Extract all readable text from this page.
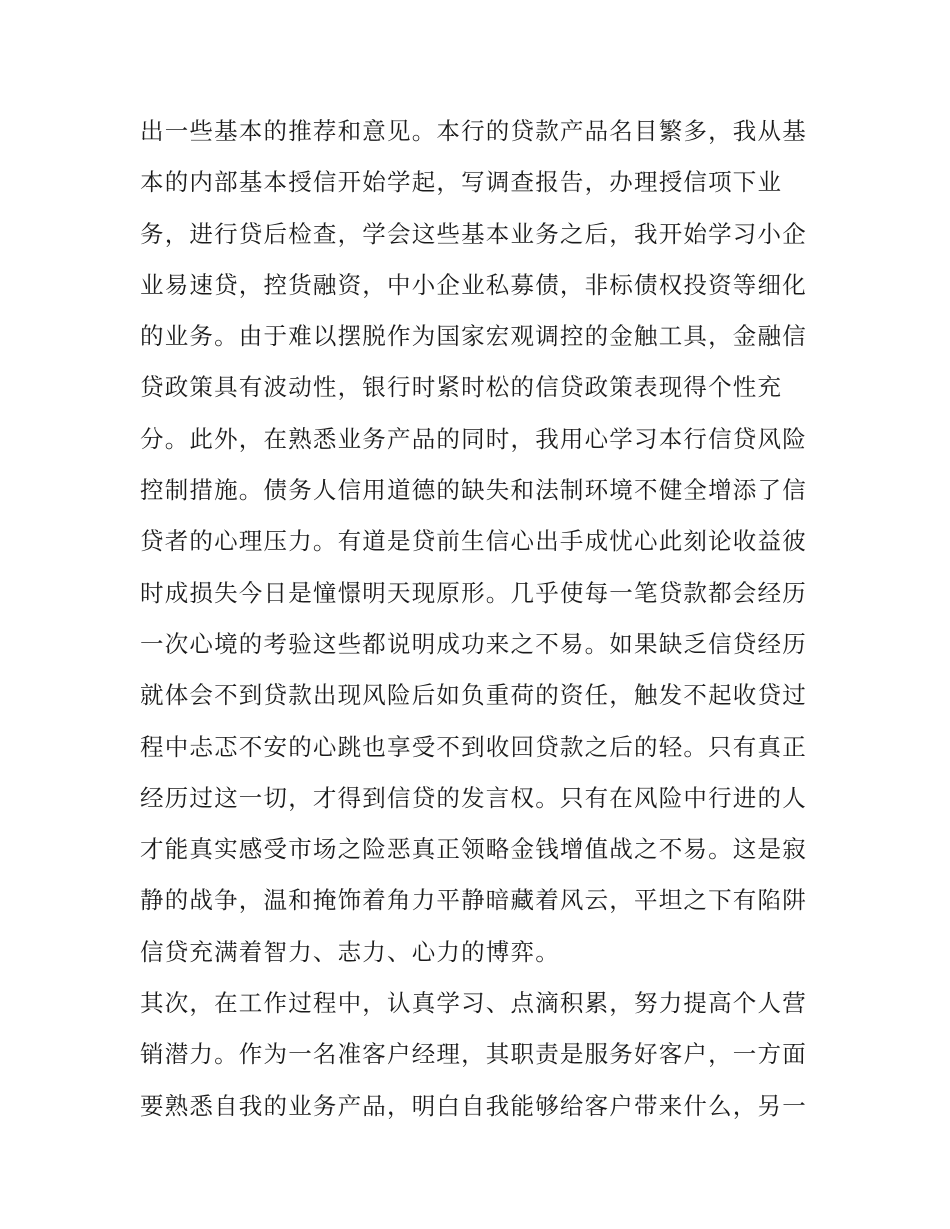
出一些基本的推荐和意见。本行的贷款产品名目繁多，我从基
本的内部基本授信开始学起，写调查报告，办理授信项下业
务，进行贷后检查，学会这些基本业务之后，我开始学习小企
业易速贷，控货融资，中小企业私募债，非标债权投资等细化
的业务。由于难以摆脱作为国家宏观调控的金触工具，金融信
贷政策具有波动性，银行时紧时松的信贷政策表现得个性充
分。此外，在熟悉业务产品的同时，我用心学习本行信贷风险
控制措施。债务人信用道德的缺失和法制环境不健全增添了信
贷者的心理压力。有道是贷前生信心出手成忧心此刻论收益彼
时成损失今日是憧憬明天现原形。几乎使每一笔贷款都会经历
一次心境的考验这些都说明成功来之不易。如果缺乏信贷经历
就体会不到贷款出现风险后如负重荷的资任，触发不起收贷过
程中忐忑不安的心跳也享受不到收回贷款之后的轻。只有真正
经历过这一切，才得到信贷的发言权。只有在风险中行进的人
才能真实感受市场之险恶真正领略金钱增值战之不易。这是寂
静的战争，温和掩饰着角力平静暗藏着风云，平坦之下有陷阱
信贷充满着智力、志力、心力的博弈。
其次，在工作过程中，认真学习、点滴积累，努力提高个人营
销潜力。作为一名准客户经理，其职责是服务好客户，一方面
要熟悉自我的业务产品，明白自我能够给客户带来什么，另一
